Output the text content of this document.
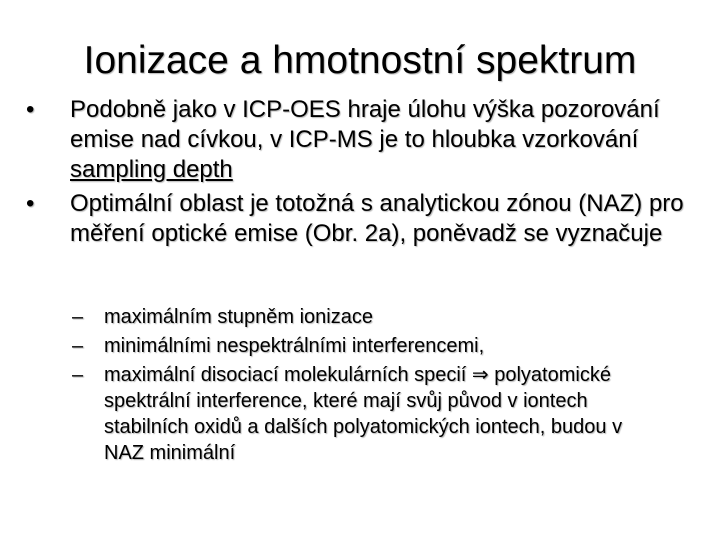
Ionizace a hmotnostní spektrum
•	Podobně jako v ICP-OES hraje úlohu výška pozorování emise nad cívkou, v ICP-MS je to hloubka vzorkování sampling depth
•	Optimální oblast je totožná s analytickou zónou (NAZ) pro měření optické emise (Obr. 2a), poněvadž se vyznačuje
–	maximálním stupněm ionizace
–	minimálními nespektrálními interferencemi,
–	maximální disociací molekulárních specií ⇒ polyatomické spektrální interference, které mají svůj původ v iontech stabilních oxidů a dalších polyatomických iontech, budou v NAZ minimální
